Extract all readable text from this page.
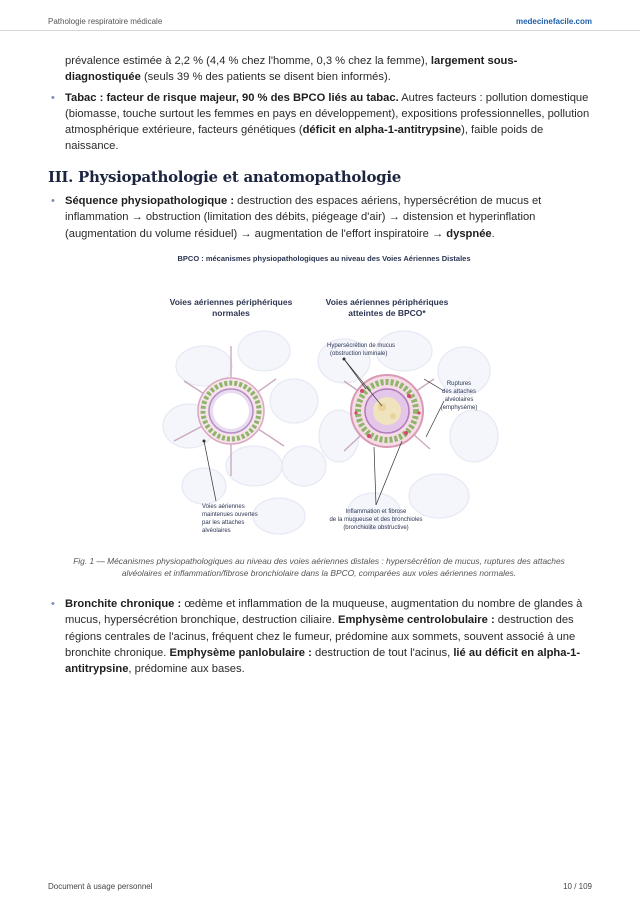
Pathologie respiratoire médicale	medecinefacile.com

prévalence estimée à 2,2 % (4,4 % chez l'homme, 0,3 % chez la femme), largement sous-diagnostiquée (seuls 39 % des patients se disent bien informés).

• Tabac : facteur de risque majeur, 90 % des BPCO liés au tabac. Autres facteurs : pollution domestique (biomasse, touche surtout les femmes en pays en développement), expositions professionnelles, pollution atmosphérique extérieure, facteurs génétiques (déficit en alpha-1-antitrypsine), faible poids de naissance.

III. Physiopathologie et anatomopathologie

• Séquence physiopathologique : destruction des espaces aériens, hypersécrétion de mucus et inflammation → obstruction (limitation des débits, piégeage d'air) → distension et hyperinflation (augmentation du volume résiduel) → augmentation de l'effort inspiratoire → dyspnée.

BPCO : mécanismes physiopathologiques au niveau des Voies Aériennes Distales
Voies aériennes périphériques
normales
Voies aériennes périphériques
atteintes de BPCO*
Hypersécrétion de mucus
(obstruction luminale)
Ruptures
des attaches
alvéolaires
(emphysème)
Voies aériennes
maintenues ouvertes
par les attaches
alvéolaires
Inflammation et fibrose
de la muqueuse et des bronchioles
(bronchiolite obstructive)

Fig. 1 — Mécanismes physiopathologiques au niveau des voies aériennes distales : hypersécrétion de mucus, ruptures des attaches alvéolaires et inflammation/fibrose bronchiolaire dans la BPCO, comparées aux voies aériennes normales.

• Bronchite chronique : œdème et inflammation de la muqueuse, augmentation du nombre de glandes à mucus, hypersécrétion bronchique, destruction ciliaire. Emphysème centrolobulaire : destruction des régions centrales de l'acinus, fréquent chez le fumeur, prédomine aux sommets, souvent associé à une bronchite chronique. Emphysème panlobulaire : destruction de tout l'acinus, lié au déficit en alpha-1-antitrypsine, prédomine aux bases.

Document à usage personnel	10 / 109
